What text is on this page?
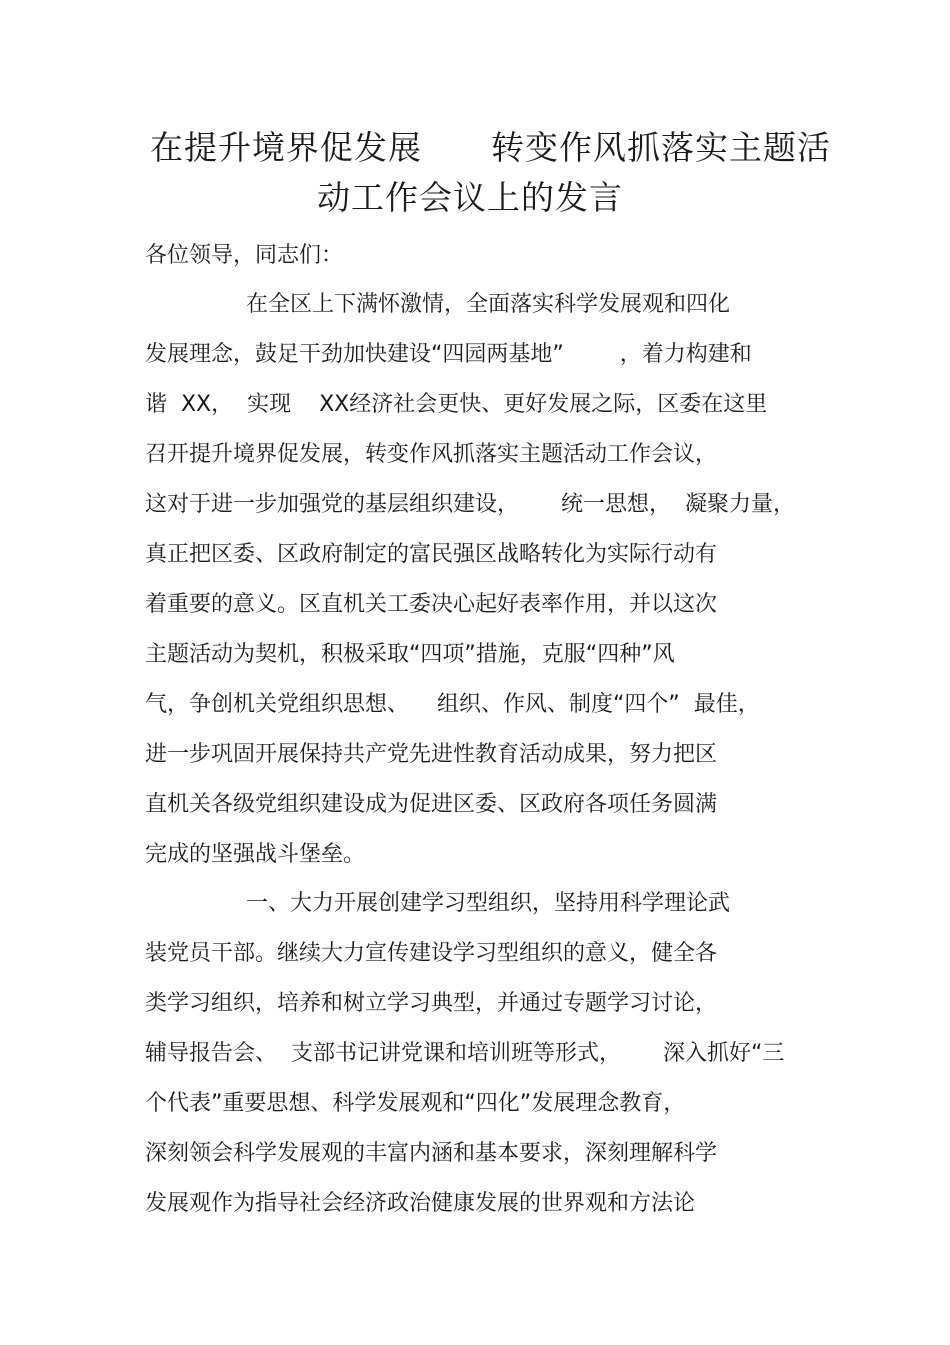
在提升境界促发展      转变作风抓落实主题活
动工作会议上的发言
各位领导，同志们：
在全区上下满怀激情，全面落实科学发展观和四化
发展理念，鼓足干劲加快建设“四园两基地”        ，着力构建和
谐  XX，  实现    XX经济社会更快、更好发展之际，区委在这里
召开提升境界促发展，转变作风抓落实主题活动工作会议，
这对于进一步加强党的基层组织建设，      统一思想，  凝聚力量，
真正把区委、区政府制定的富民强区战略转化为实际行动有
着重要的意义。区直机关工委决心起好表率作用，并以这次
主题活动为契机，积极采取“四项”措施，克服“四种”风
气，争创机关党组织思想、    组织、作风、制度“四个”  最佳，
进一步巩固开展保持共产党先进性教育活动成果，努力把区
直机关各级党组织建设成为促进区委、区政府各项任务圆满
完成的坚强战斗堡垒。
一、大力开展创建学习型组织，坚持用科学理论武
装党员干部。继续大力宣传建设学习型组织的意义，健全各
类学习组织，培养和树立学习典型，并通过专题学习讨论，
辅导报告会、  支部书记讲党课和培训班等形式，      深入抓好“三
个代表”重要思想、科学发展观和“四化”发展理念教育，
深刻领会科学发展观的丰富内涵和基本要求，深刻理解科学
发展观作为指导社会经济政治健康发展的世界观和方法论
